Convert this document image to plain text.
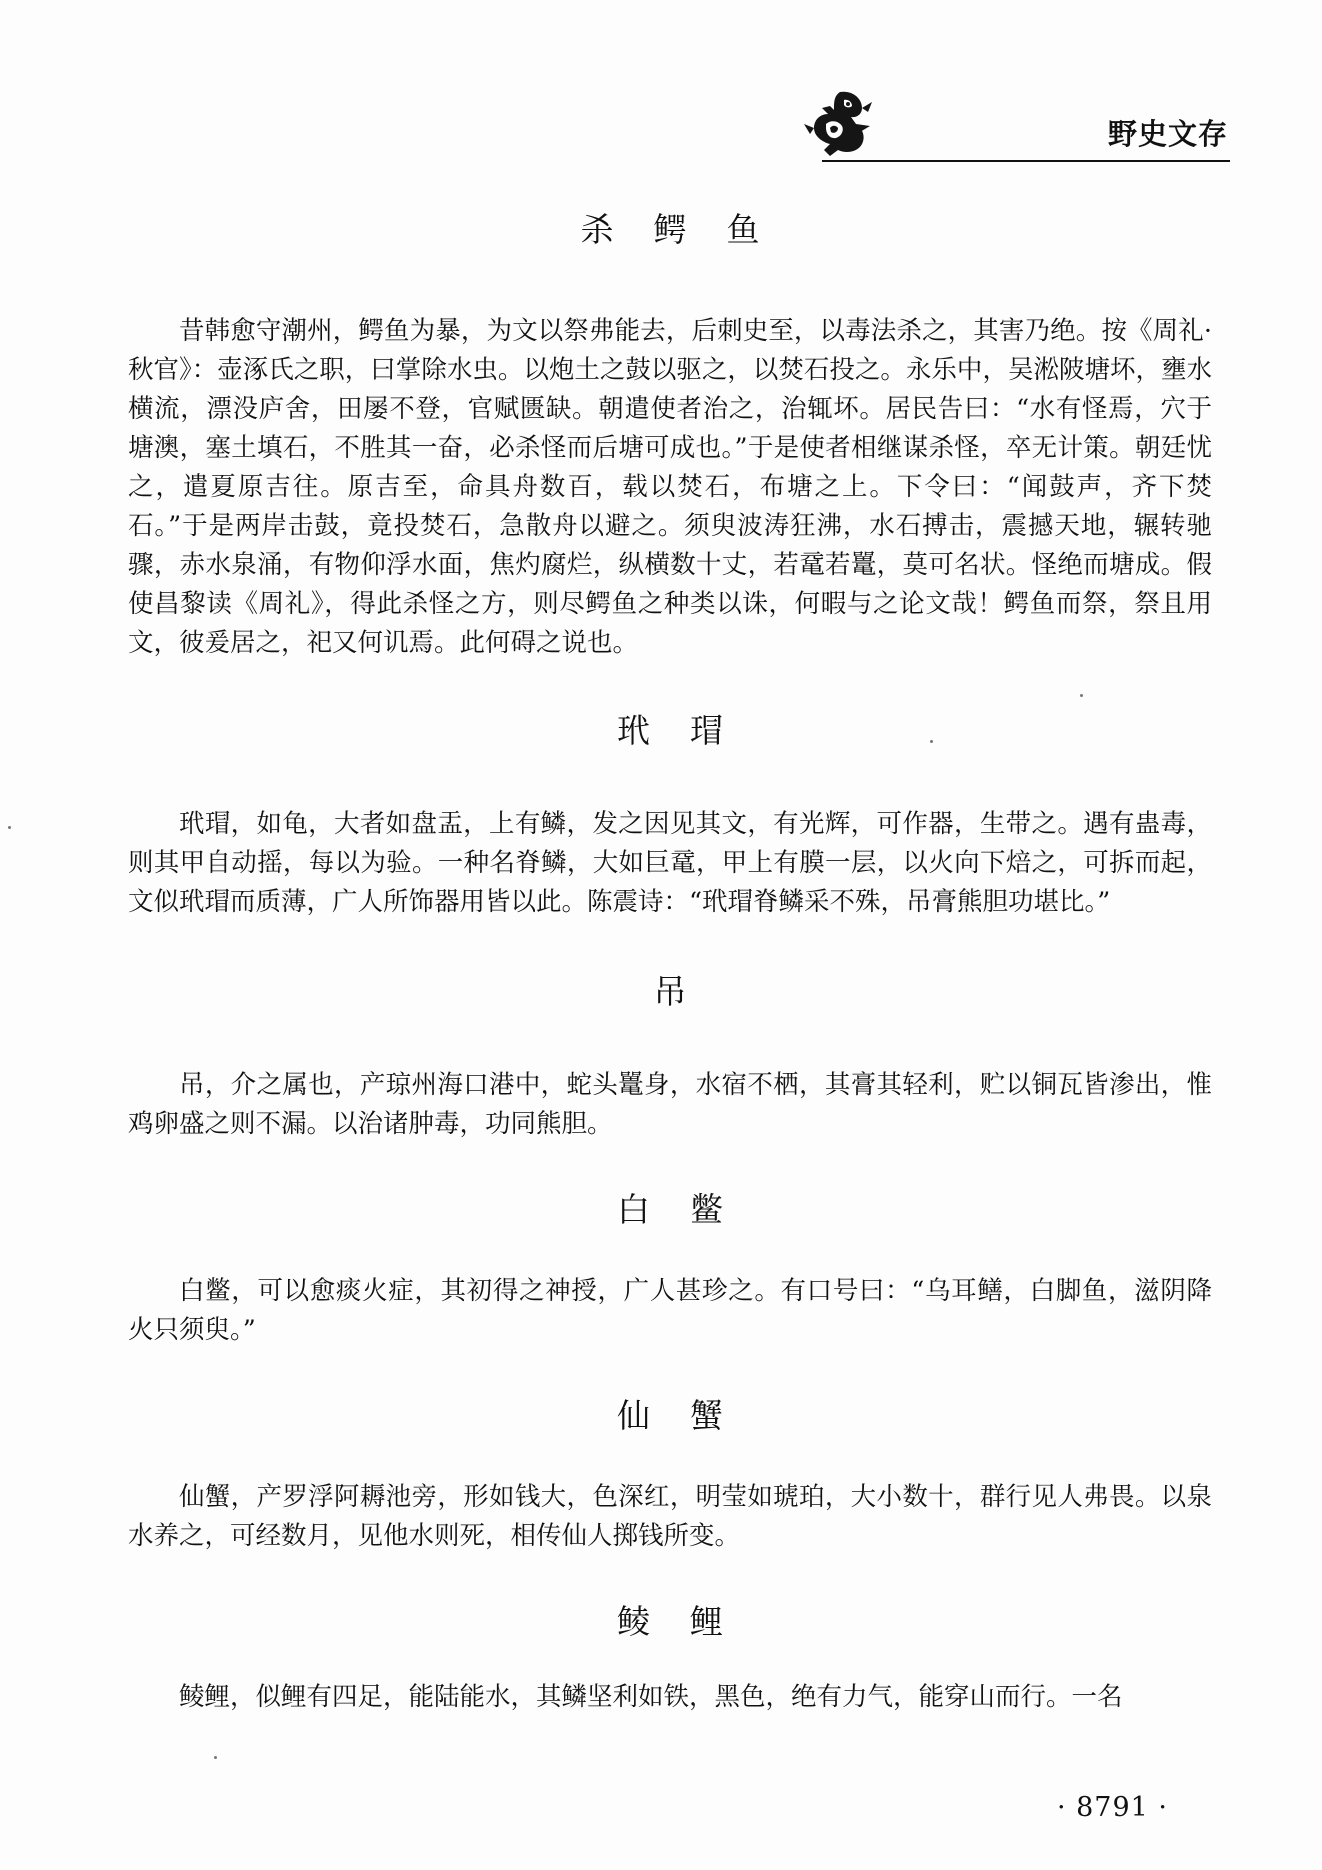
野史文存
杀 鳄 鱼

昔韩愈守潮州，鳄鱼为暴，为文以祭弗能去，后刺史至，以毒法杀之，其害乃绝。按《周礼·秋官》：壶涿氏之职，曰掌除水虫。以炮土之鼓以驱之，以焚石投之。永乐中，吴淞陂塘坏，壅水横流，漂没庐舍，田屡不登，官赋匮缺。朝遣使者治之，治辄坏。居民告曰：“水有怪焉，穴于塘澳，塞土填石，不胜其一奋，必杀怪而后塘可成也。”于是使者相继谋杀怪，卒无计策。朝廷忧之，遣夏原吉往。原吉至，命具舟数百，载以焚石，布塘之上。下令曰：“闻鼓声，齐下焚石。”于是两岸击鼓，竟投焚石，急散舟以避之。须臾波涛狂沸，水石搏击，震撼天地，辗转驰骤，赤水泉涌，有物仰浮水面，焦灼腐烂，纵横数十丈，若鼋若鼍，莫可名状。怪绝而塘成。假使昌黎读《周礼》，得此杀怪之方，则尽鳄鱼之种类以诛，何暇与之论文哉！鳄鱼而祭，祭且用文，彼爰居之，祀又何讥焉。此何碍之说也。

玳 瑁

玳瑁，如龟，大者如盘盂，上有鳞，发之因见其文，有光辉，可作器，生带之。遇有蛊毒，则其甲自动摇，每以为验。一种名脊鳞，大如巨鼋，甲上有膜一层，以火向下焙之，可拆而起，文似玳瑁而质薄，广人所饰器用皆以此。陈震诗：“玳瑁脊鳞采不殊，吊膏熊胆功堪比。”

吊

吊，介之属也，产琼州海口港中，蛇头鼍身，水宿不栖，其膏其轻利，贮以铜瓦皆渗出，惟鸡卵盛之则不漏。以治诸肿毒，功同熊胆。

白 鳖

白鳖，可以愈痰火症，其初得之神授，广人甚珍之。有口号曰：“乌耳鳝，白脚鱼，滋阴降火只须臾。”

仙 蟹

仙蟹，产罗浮阿耨池旁，形如钱大，色深红，明莹如琥珀，大小数十，群行见人弗畏。以泉水养之，可经数月，见他水则死，相传仙人掷钱所变。

鲮 鲤

鲮鲤，似鲤有四足，能陆能水，其鳞坚利如铁，黑色，绝有力气，能穿山而行。一名

· 8791 ·
